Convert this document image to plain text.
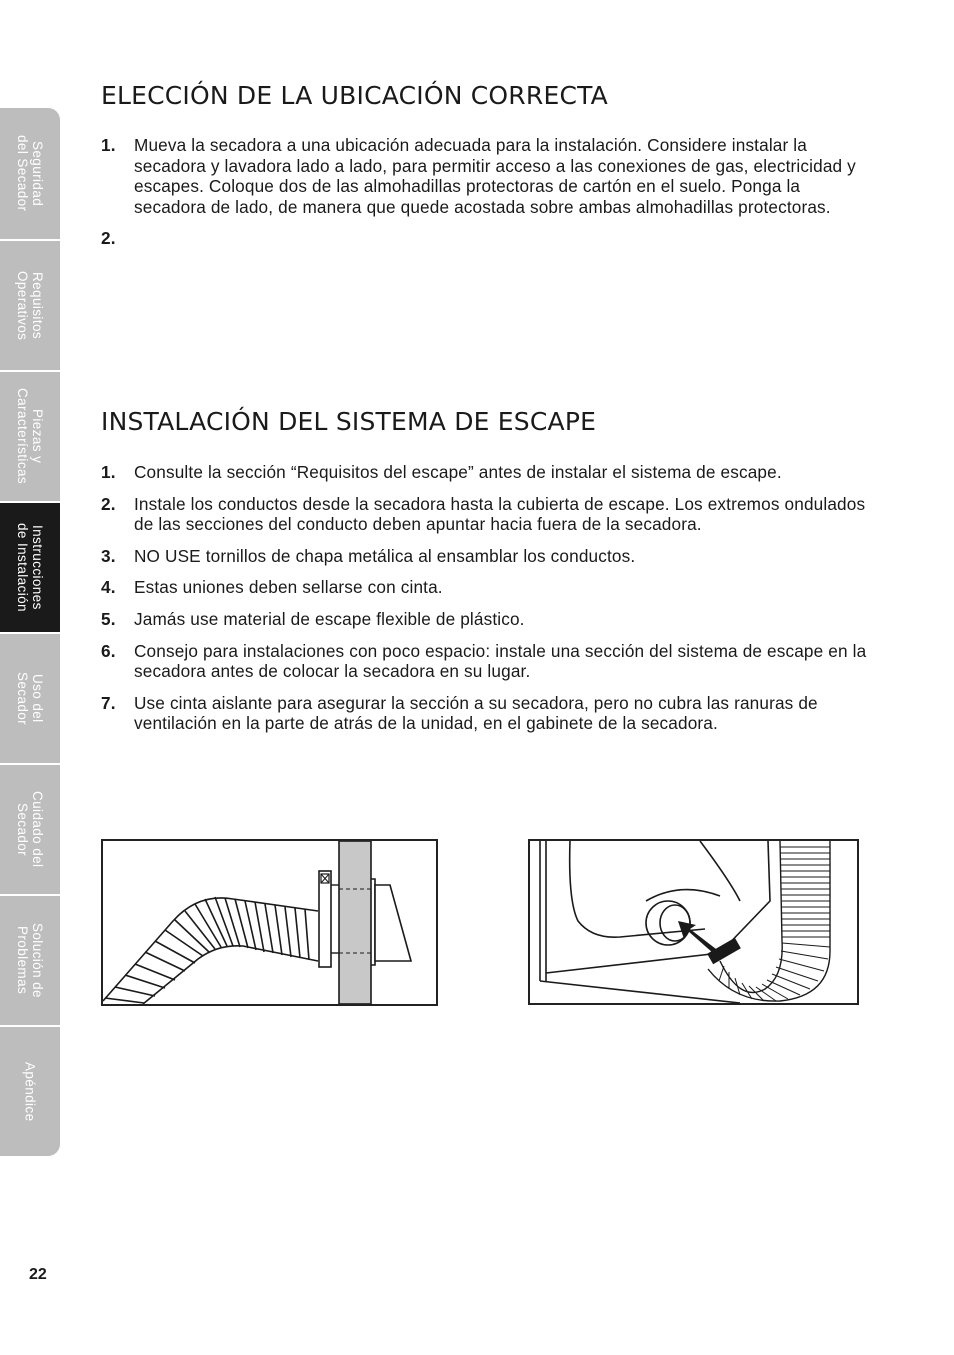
Seguridad
del Secador
Requisitos
Operativos
Piezas y
Características
Instrucciones
de Instalación
Uso del
Secador
Cuidado del
Secador
Solución de
Problemas
Apéndice
ELECCIÓN DE LA UBICACIÓN CORRECTA
1.	Mueva la secadora a una ubicación adecuada para la instalación. Considere instalar la secadora y lavadora lado a lado, para permitir acceso a las conexiones de gas, electricidad y escapes. Coloque dos de las almohadillas protectoras de cartón en el suelo. Ponga la secadora de lado, de manera que quede acostada sobre ambas almohadillas protectoras.
2.
INSTALACIÓN DEL SISTEMA DE ESCAPE
1.	Consulte la sección “Requisitos del escape” antes de instalar el sistema de escape.
2.	Instale los conductos desde la secadora hasta la cubierta de escape. Los extremos ondulados de las secciones del conducto deben apuntar hacia fuera de la secadora.
3.	NO USE tornillos de chapa metálica al ensamblar los conductos.
4.	Estas uniones deben sellarse con cinta.
5.	Jamás use material de escape flexible de plástico.
6.	Consejo para instalaciones con poco espacio: instale una sección del sistema de escape en la secadora antes de colocar la secadora en su lugar.
7.	Use cinta aislante para asegurar la sección a su secadora, pero no cubra las ranuras de ventilación en la parte de atrás de la unidad, en el gabinete de la secadora.
22
